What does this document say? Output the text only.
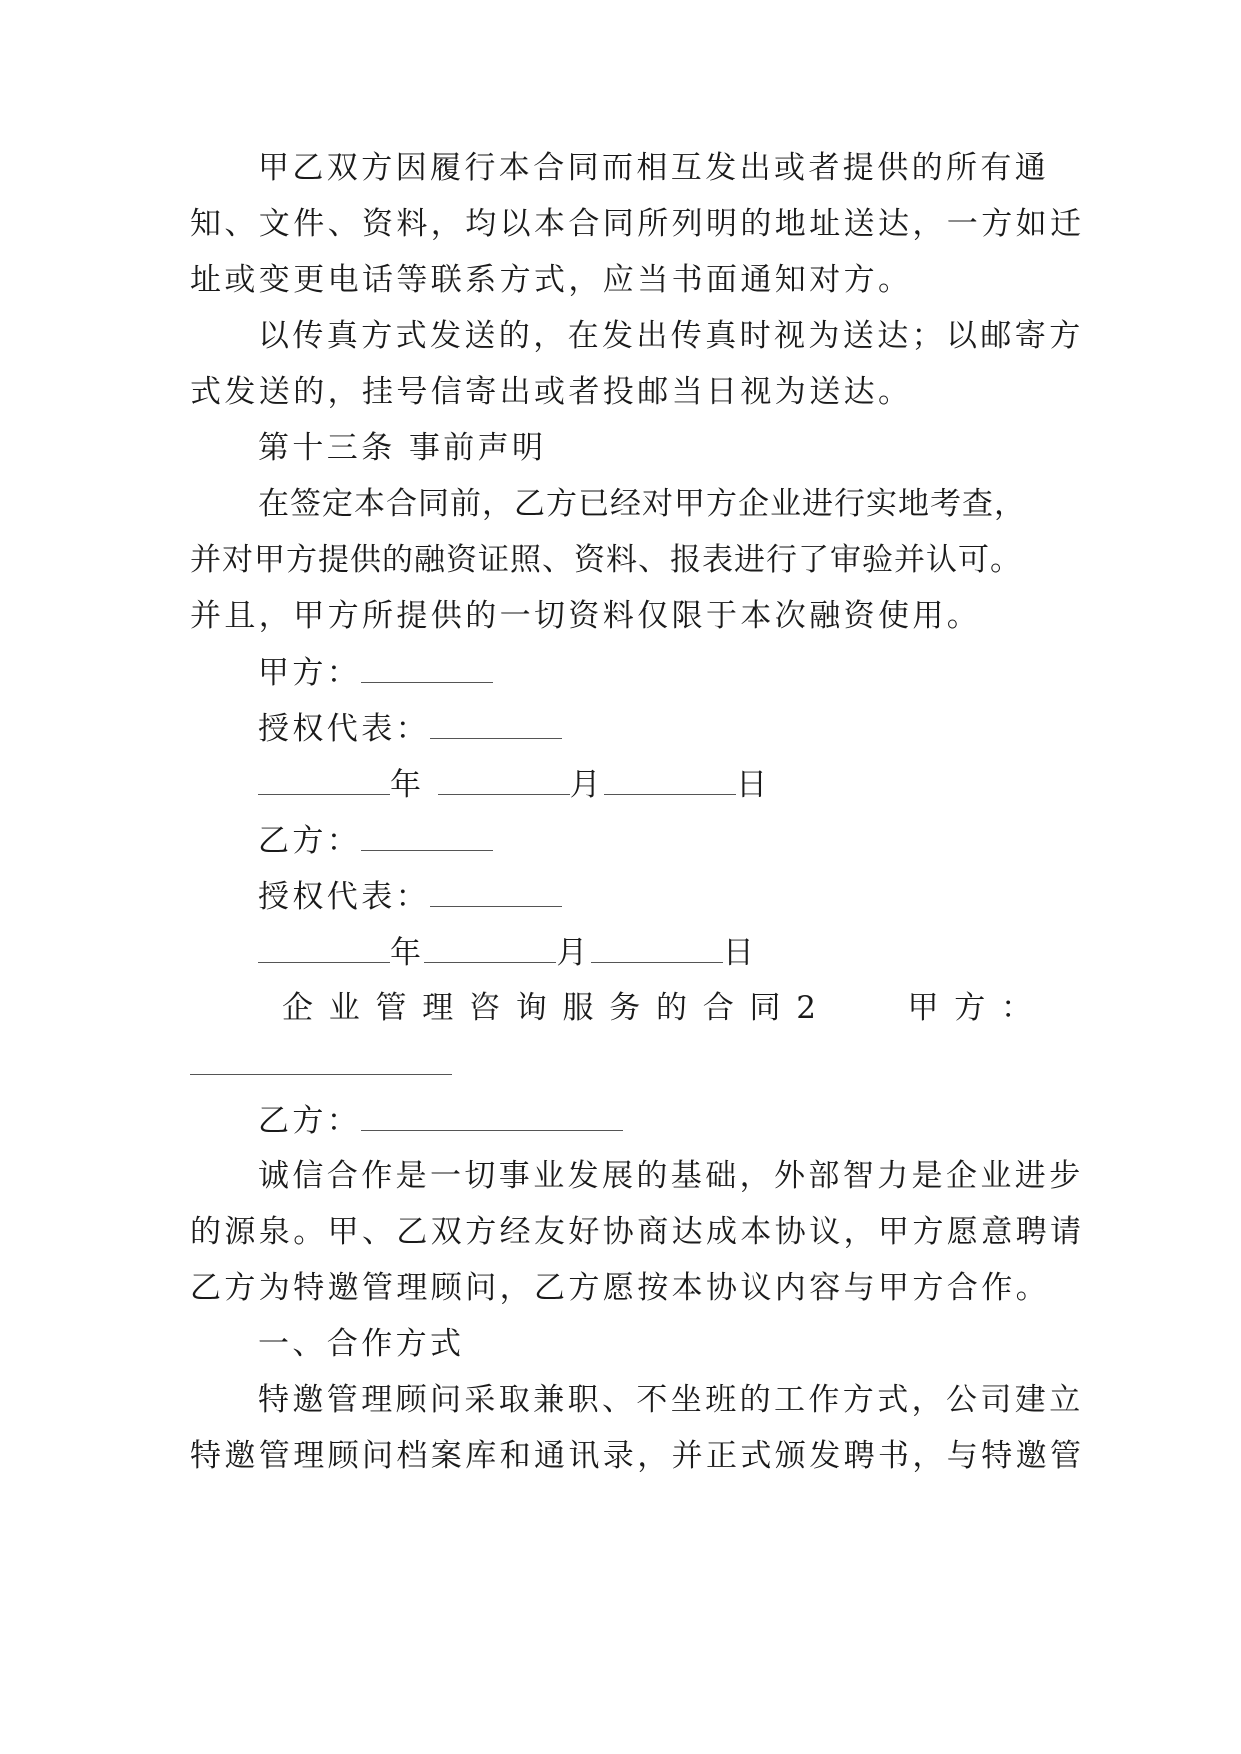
甲乙双方因履行本合同而相互发出或者提供的所有通
知、文件、资料，均以本合同所列明的地址送达，一方如迁
址或变更电话等联系方式，应当书面通知对方。
以传真方式发送的，在发出传真时视为送达；以邮寄方
式发送的，挂号信寄出或者投邮当日视为送达。
第十三条 事前声明
在签定本合同前，乙方已经对甲方企业进行实地考查，
并对甲方提供的融资证照、资料、报表进行了审验并认可。
并且，甲方所提供的一切资料仅限于本次融资使用。
甲方：
授权代表：
年	月	日
乙方：
授权代表：
年	月	日
企 业 管 理 咨 询 服 务 的 合 同 2	甲 方 ：
乙方：
诚信合作是一切事业发展的基础，外部智力是企业进步
的源泉。甲、乙双方经友好协商达成本协议，甲方愿意聘请
乙方为特邀管理顾问，乙方愿按本协议内容与甲方合作。
一、合作方式
特邀管理顾问采取兼职、不坐班的工作方式，公司建立
特邀管理顾问档案库和通讯录，并正式颁发聘书，与特邀管
